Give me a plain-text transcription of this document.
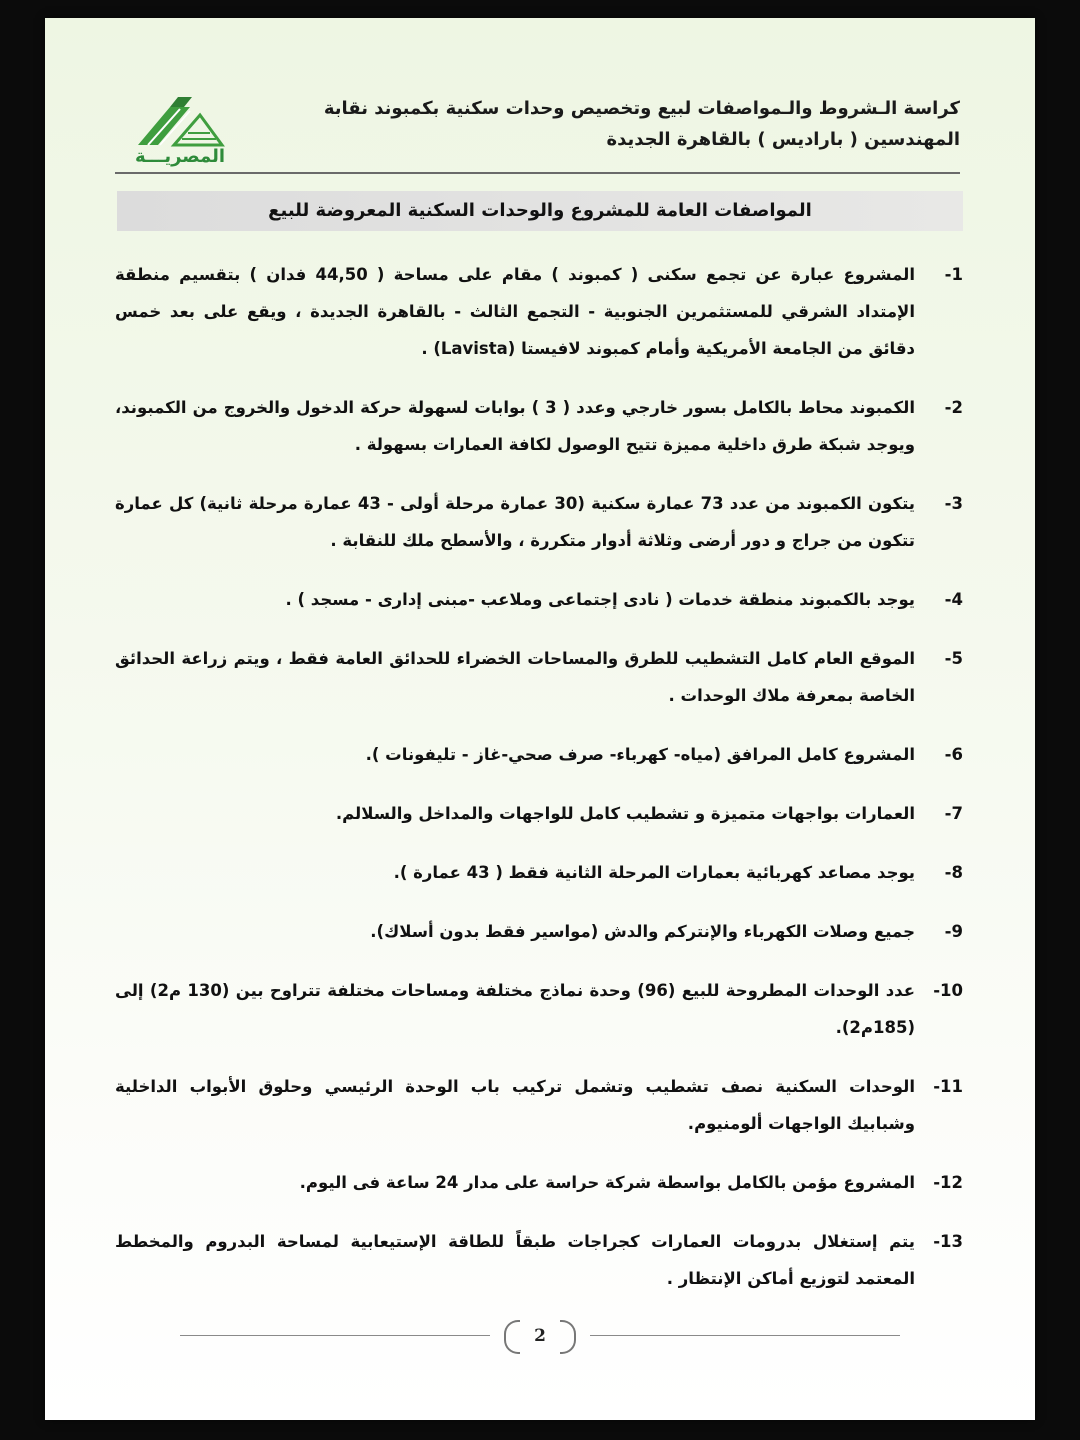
المصريـــة
كراسة الـشروط والـمواصفات لبيع وتخصيص وحدات سكنية بكمبوند نقابة
المهندسين ( باراديس ) بالقاهرة الجديدة
المواصفات العامة للمشروع والوحدات السكنية المعروضة للبيع
-1
المشروع عبارة عن تجمع سكنى ( كمبوند ) مقام على مساحة ( 44,50 فدان ) بتقسيم منطقة الإمتداد الشرقي للمستثمرين الجنوبية - التجمع الثالث - بالقاهرة الجديدة ، ويقع على بعد خمس دقائق من الجامعة الأمريكية وأمام كمبوند لافيستا (Lavista) .
-2
الكمبوند محاط بالكامل بسور خارجي وعدد ( 3 ) بوابات لسهولة حركة الدخول والخروج من الكمبوند، ويوجد شبكة طرق داخلية مميزة تتيح الوصول لكافة العمارات بسهولة .
-3
يتكون الكمبوند من عدد 73 عمارة سكنية (30 عمارة مرحلة أولى - 43 عمارة مرحلة ثانية) كل عمارة تتكون من جراج و دور أرضى وثلاثة أدوار متكررة ، والأسطح ملك للنقابة .
-4
يوجد بالكمبوند منطقة خدمات ( نادى إجتماعى وملاعب -مبنى إدارى - مسجد ) .
-5
الموقع العام كامل التشطيب للطرق والمساحات الخضراء للحدائق العامة فقط ، ويتم زراعة الحدائق الخاصة بمعرفة ملاك الوحدات .
-6
المشروع كامل المرافق (مياه- كهرباء- صرف صحي-غاز - تليفونات ).
-7
العمارات بواجهات متميزة و تشطيب كامل للواجهات والمداخل والسلالم.
-8
يوجد مصاعد كهربائية بعمارات المرحلة الثانية فقط ( 43 عمارة ).
-9
جميع وصلات الكهرباء والإنتركم والدش (مواسير فقط بدون أسلاك).
-10
عدد الوحدات المطروحة للبيع (96) وحدة نماذج مختلفة ومساحات مختلفة تتراوح بين (130 م2) إلى (185م2).
-11
الوحدات السكنية نصف تشطيب وتشمل تركيب باب الوحدة الرئيسي وحلوق الأبواب الداخلية وشبابيك الواجهات ألومنيوم.
-12
المشروع مؤمن بالكامل بواسطة شركة حراسة على مدار 24 ساعة فى اليوم.
-13
يتم إستغلال بدرومات العمارات كجراجات طبقاً للطاقة الإستيعابية لمساحة البدروم والمخطط المعتمد لتوزيع أماكن الإنتظار .
2
